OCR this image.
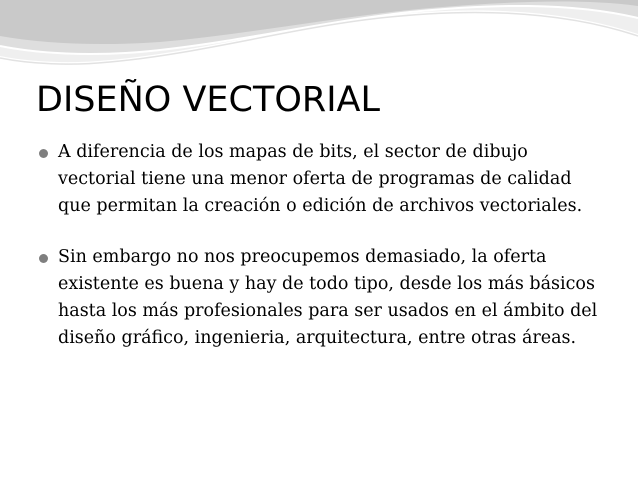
DISEÑO VECTORIAL
A diferencia de los mapas de bits, el sector de dibujo vectorial tiene una menor oferta de programas de calidad que permitan la creación o edición de archivos vectoriales.
Sin embargo no nos preocupemos demasiado, la oferta existente es buena y hay de todo tipo, desde los más básicos hasta los más profesionales para ser usados en el ámbito del diseño gráfico, ingenieria, arquitectura, entre otras áreas.
